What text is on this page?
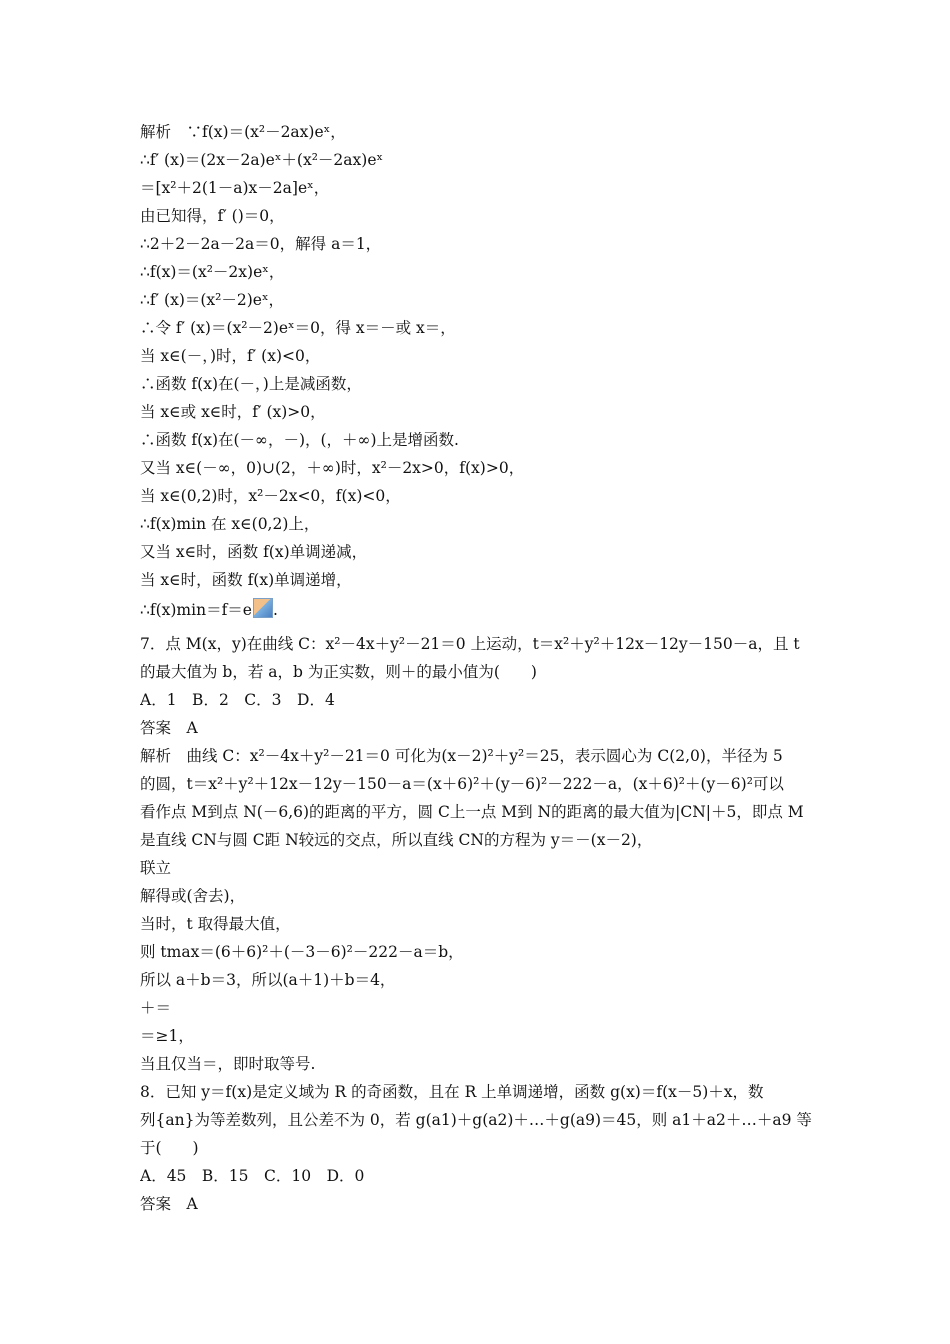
解析　∵f(x)＝(x²－2ax)eˣ，
∴f′ (x)＝(2x－2a)eˣ＋(x²－2ax)eˣ
＝[x²＋2(1－a)x－2a]eˣ，
由已知得，f′ ()＝0，
∴2＋2－2a－2a＝0，解得 a＝1，
∴f(x)＝(x²－2x)eˣ，
∴f′ (x)＝(x²－2)eˣ，
∴令 f′ (x)＝(x²－2)eˣ＝0，得 x＝－或 x＝，
当 x∈(－，)时，f′ (x)<0，
∴函数 f(x)在(－，)上是减函数，
当 x∈或 x∈时，f′ (x)>0，
∴函数 f(x)在(－∞，－)，(，＋∞)上是增函数.
又当 x∈(－∞，0)∪(2，＋∞)时，x²－2x>0，f(x)>0，
当 x∈(0,2)时，x²－2x<0，f(x)<0，
∴f(x)min 在 x∈(0,2)上，
又当 x∈时，函数 f(x)单调递减，
当 x∈时，函数 f(x)单调递增，
∴f(x)min＝f＝e .
7．点 M(x，y)在曲线 C：x²－4x＋y²－21＝0 上运动，t＝x²＋y²＋12x－12y－150－a，且 t
的最大值为 b，若 a，b 为正实数，则＋的最小值为(　　)
A．1　B．2　C．3　D．4
答案　A
解析　曲线 C：x²－4x＋y²－21＝0 可化为(x－2)²＋y²＝25，表示圆心为 C(2,0)，半径为 5
的圆，t＝x²＋y²＋12x－12y－150－a＝(x＋6)²＋(y－6)²－222－a，(x＋6)²＋(y－6)²可以
看作点 M到点 N(－6,6)的距离的平方，圆 C上一点 M到 N的距离的最大值为|CN|＋5，即点 M
是直线 CN与圆 C距 N较远的交点，所以直线 CN的方程为 y＝－(x－2)，
联立
解得或(舍去)，
当时，t 取得最大值，
则 tmax＝(6＋6)²＋(－3－6)²－222－a＝b，
所以 a＋b＝3，所以(a＋1)＋b＝4，
＋＝
＝≥1，
当且仅当＝，即时取等号.
8．已知 y＝f(x)是定义域为 R 的奇函数，且在 R 上单调递增，函数 g(x)＝f(x－5)＋x，数
列{an}为等差数列，且公差不为 0，若 g(a1)＋g(a2)＋…＋g(a9)＝45，则 a1＋a2＋…＋a9 等
于(　　)
A．45　B．15　C．10　D．0
答案　A
